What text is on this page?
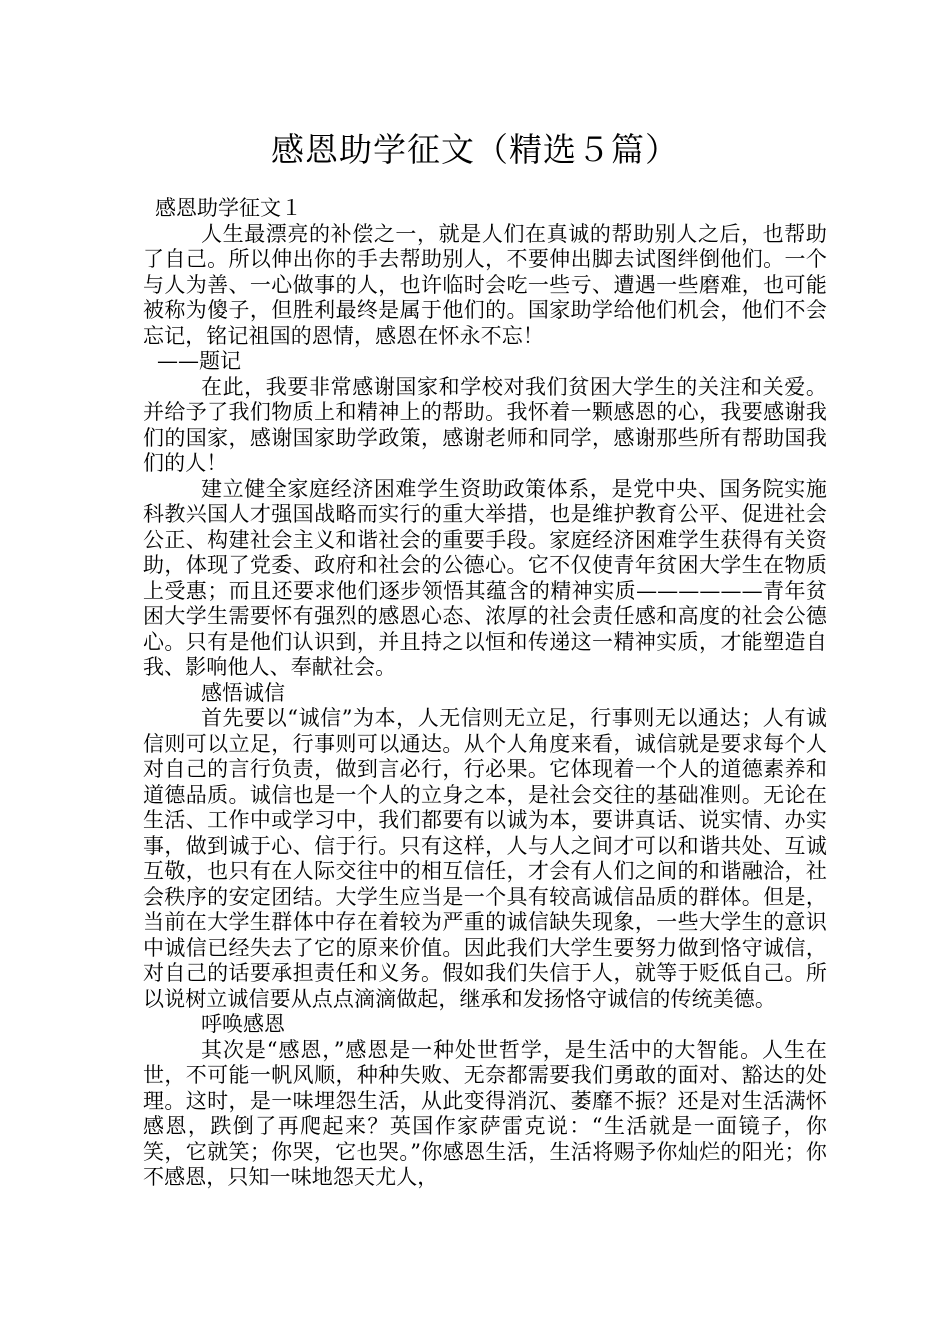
感恩助学征文（精选５篇）

感恩助学征文１

人生最漂亮的补偿之一，就是人们在真诚的帮助别人之后，也帮助了自己。所以伸出你的手去帮助别人，不要伸出脚去试图绊倒他们。一个与人为善、一心做事的人，也许临时会吃一些亏、遭遇一些磨难，也可能被称为傻子，但胜利最终是属于他们的。国家助学给他们机会，他们不会忘记，铭记祖国的恩情，感恩在怀永不忘！

——题记

在此，我要非常感谢国家和学校对我们贫困大学生的关注和关爱。并给予了我们物质上和精神上的帮助。我怀着一颗感恩的心，我要感谢我们的国家，感谢国家助学政策，感谢老师和同学，感谢那些所有帮助国我们的人！

建立健全家庭经济困难学生资助政策体系，是党中央、国务院实施科教兴国人才强国战略而实行的重大举措，也是维护教育公平、促进社会公正、构建社会主义和谐社会的重要手段。家庭经济困难学生获得有关资助，体现了党委、政府和社会的公德心。它不仅使青年贫困大学生在物质上受惠；而且还要求他们逐步领悟其蕴含的精神实质——————青年贫困大学生需要怀有强烈的感恩心态、浓厚的社会责任感和高度的社会公德心。只有是他们认识到，并且持之以恒和传递这一精神实质，才能塑造自我、影响他人、奉献社会。

感悟诚信

首先要以“诚信”为本，人无信则无立足，行事则无以通达；人有诚信则可以立足，行事则可以通达。从个人角度来看，诚信就是要求每个人对自己的言行负责，做到言必行，行必果。它体现着一个人的道德素养和道德品质。诚信也是一个人的立身之本，是社会交往的基础准则。无论在生活、工作中或学习中，我们都要有以诚为本，要讲真话、说实情、办实事，做到诚于心、信于行。只有这样，人与人之间才可以和谐共处、互诚互敬，也只有在人际交往中的相互信任，才会有人们之间的和谐融洽，社会秩序的安定团结。大学生应当是一个具有较高诚信品质的群体。但是，当前在大学生群体中存在着较为严重的诚信缺失现象，一些大学生的意识中诚信已经失去了它的原来价值。因此我们大学生要努力做到恪守诚信，对自己的话要承担责任和义务。假如我们失信于人，就等于贬低自己。所以说树立诚信要从点点滴滴做起，继承和发扬恪守诚信的传统美德。

呼唤感恩

其次是“感恩，”感恩是一种处世哲学，是生活中的大智能。人生在世，不可能一帆风顺，种种失败、无奈都需要我们勇敢的面对、豁达的处理。这时，是一味埋怨生活，从此变得消沉、萎靡不振？还是对生活满怀感恩，跌倒了再爬起来？英国作家萨雷克说：“生活就是一面镜子，你笑，它就笑；你哭，它也哭。”你感恩生活，生活将赐予你灿烂的阳光；你不感恩，只知一味地怨天尤人，
